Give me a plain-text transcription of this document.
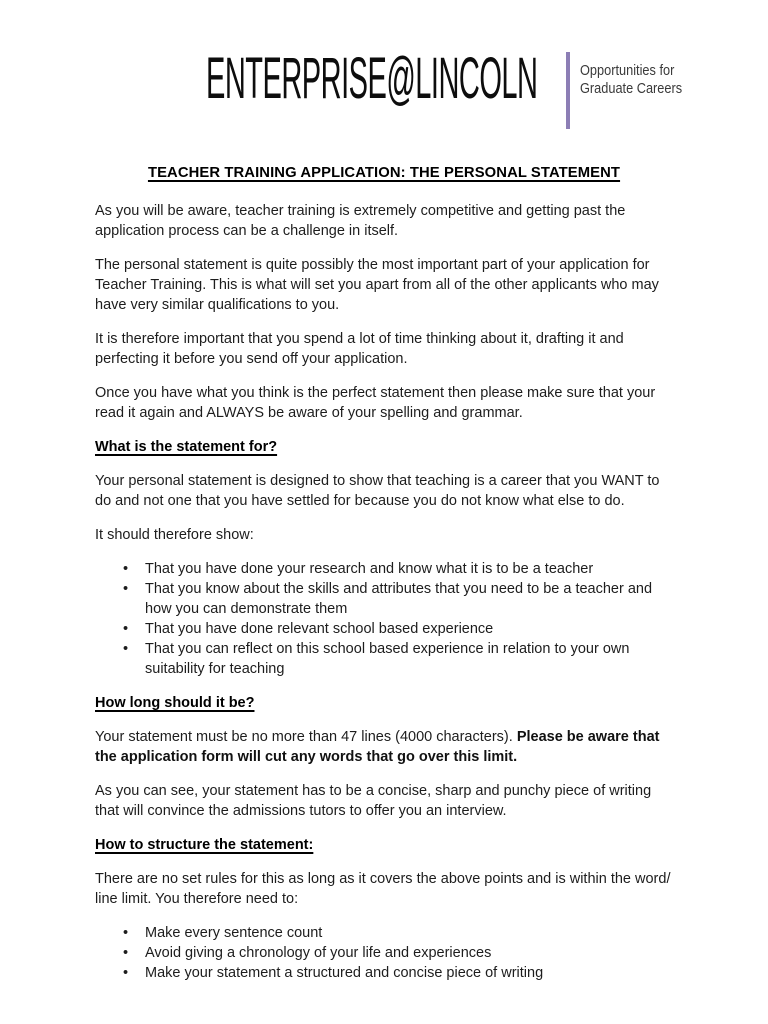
ENTERPRISE@LINCOLN	Opportunities for
Graduate Careers
TEACHER TRAINING APPLICATION: THE PERSONAL STATEMENT

As you will be aware, teacher training is extremely competitive and getting past the application process can be a challenge in itself.

The personal statement is quite possibly the most important part of your application for Teacher Training. This is what will set you apart from all of the other applicants who may have very similar qualifications to you.

It is therefore important that you spend a lot of time thinking about it, drafting it and perfecting it before you send off your application.

Once you have what you think is the perfect statement then please make sure that your read it again and ALWAYS be aware of your spelling and grammar.

What is the statement for?

Your personal statement is designed to show that teaching is a career that you WANT to do and not one that you have settled for because you do not know what else to do.

It should therefore show:

• That you have done your research and know what it is to be a teacher
• That you know about the skills and attributes that you need to be a teacher and how you can demonstrate them
• That you have done relevant school based experience
• That you can reflect on this school based experience in relation to your own suitability for teaching
How long should it be?

Your statement must be no more than 47 lines (4000 characters). Please be aware that the application form will cut any words that go over this limit.

As you can see, your statement has to be a concise, sharp and punchy piece of writing that will convince the admissions tutors to offer you an interview.

How to structure the statement:

There are no set rules for this as long as it covers the above points and is within the word/ line limit. You therefore need to:

• Make every sentence count
• Avoid giving a chronology of your life and experiences
• Make your statement a structured and concise piece of writing
